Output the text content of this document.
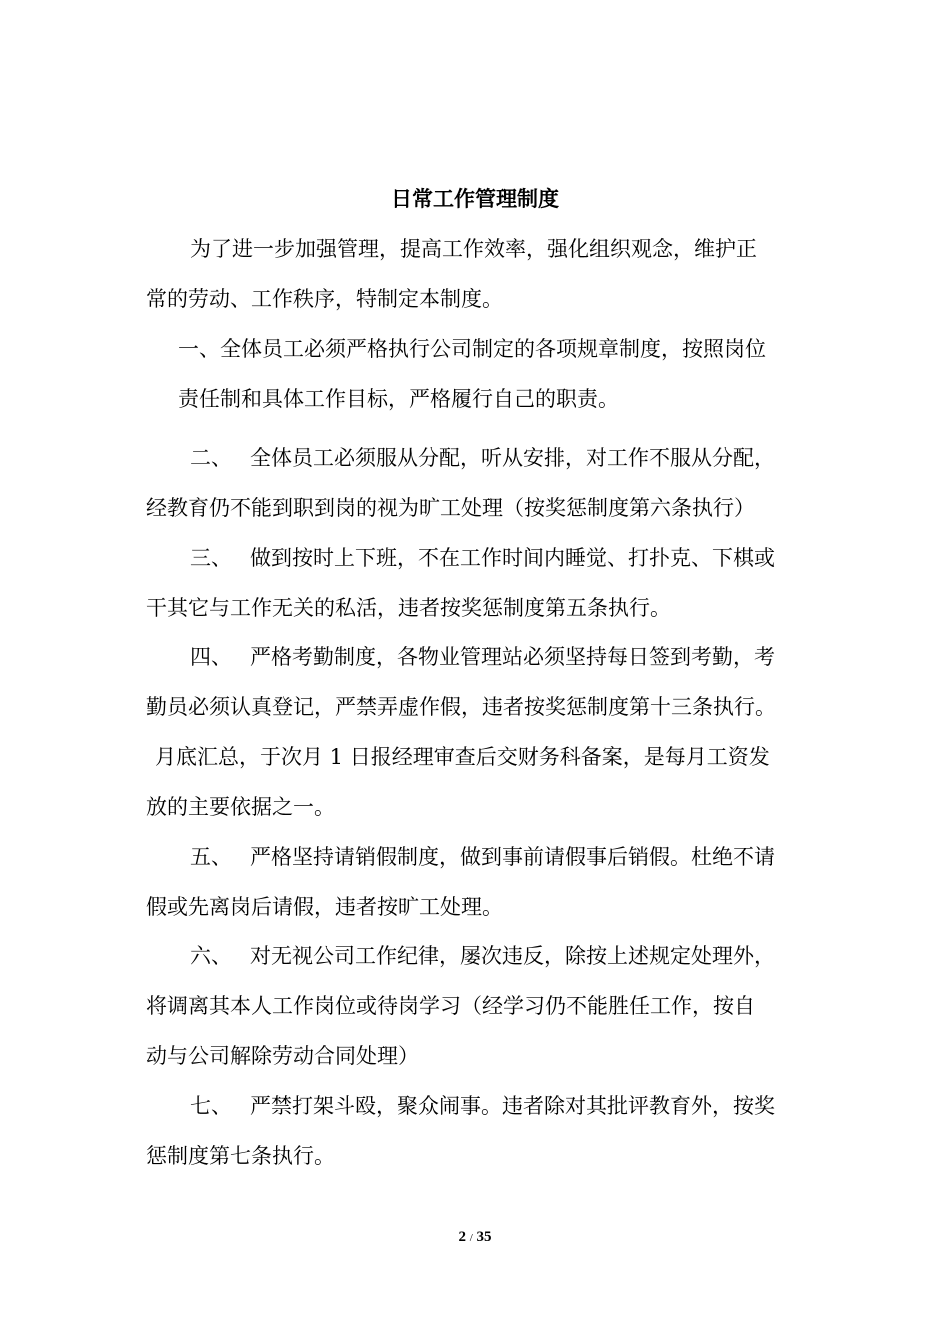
日常工作管理制度

为了进一步加强管理，提高工作效率，强化组织观念，维护正

常的劳动、工作秩序，特制定本制度。

一、全体员工必须严格执行公司制定的各项规章制度，按照岗位

责任制和具体工作目标，严格履行自己的职责。

二、 全体员工必须服从分配，听从安排，对工作不服从分配，

经教育仍不能到职到岗的视为旷工处理（按奖惩制度第六条执行）

三、 做到按时上下班，不在工作时间内睡觉、打扑克、下棋或

干其它与工作无关的私活，违者按奖惩制度第五条执行。

四、 严格考勤制度，各物业管理站必须坚持每日签到考勤，考

勤员必须认真登记，严禁弄虚作假，违者按奖惩制度第十三条执行。

月底汇总，于次月 1 日报经理审查后交财务科备案，是每月工资发

放的主要依据之一。

五、 严格坚持请销假制度，做到事前请假事后销假。杜绝不请

假或先离岗后请假，违者按旷工处理。

六、 对无视公司工作纪律，屡次违反，除按上述规定处理外，

将调离其本人工作岗位或待岗学习（经学习仍不能胜任工作，按自

动与公司解除劳动合同处理）

七、 严禁打架斗殴，聚众闹事。违者除对其批评教育外，按奖

惩制度第七条执行。

2 / 35
